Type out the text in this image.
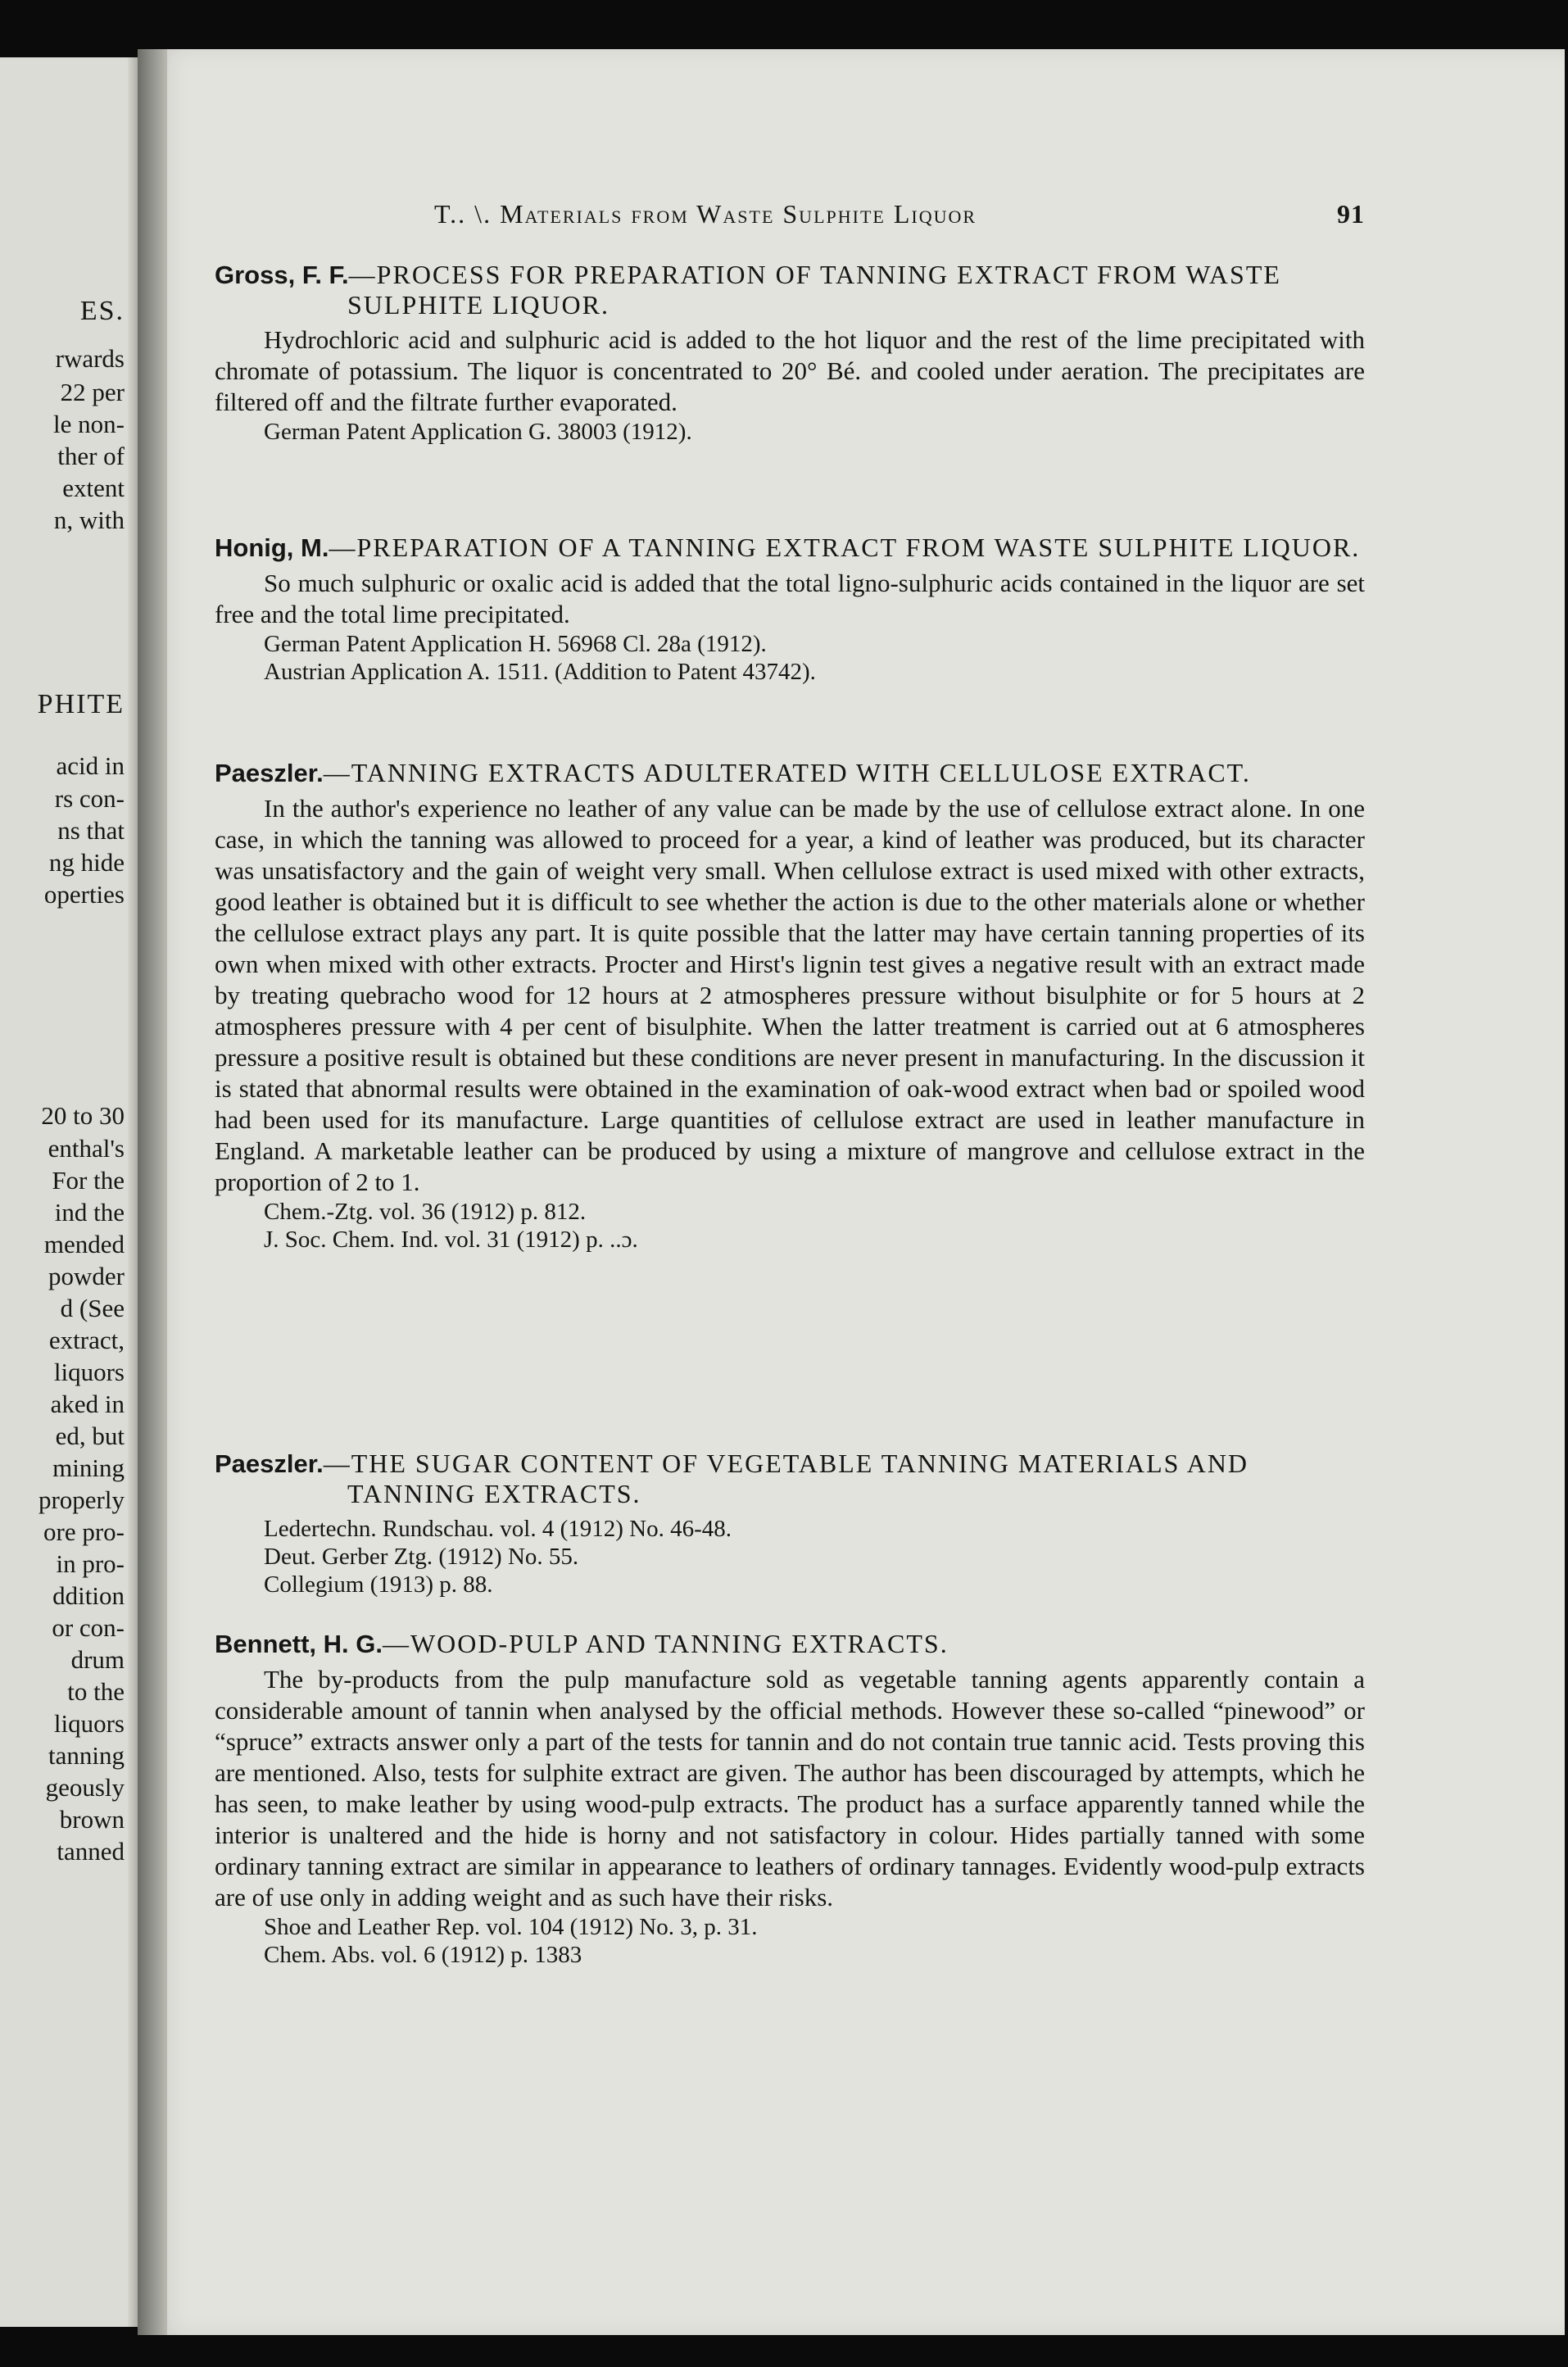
ES.
rwards
22 per
le non-
ther of
extent
n, with
PHITE
acid in
rs con-
ns that
ng hide
operties
20 to 30
enthal's
For the
ind the
mended
powder
d (See
extract,
liquors
aked in
ed, but
mining
properly
ore pro-
in pro-
ddition
or con-
drum
to the
liquors
tanning
geously
brown
tanned
T.. \. Materials from Waste Sulphite Liquor	91
Gross, F. F.—PROCESS FOR PREPARATION OF TANNING EXTRACT FROM WASTE SULPHITE LIQUOR.

Hydrochloric acid and sulphuric acid is added to the hot liquor and the rest of the lime precipitated with chromate of potassium. The liquor is concentrated to 20° Bé. and cooled under aeration. The precipitates are filtered off and the filtrate further evaporated.

German Patent Application G. 38003 (1912).
Honig, M.—PREPARATION OF A TANNING EXTRACT FROM WASTE SULPHITE LIQUOR.

So much sulphuric or oxalic acid is added that the total ligno-sulphuric acids contained in the liquor are set free and the total lime precipitated.

German Patent Application H. 56968 Cl. 28a (1912).
Austrian Application A. 1511. (Addition to Patent 43742).
Paeszler.—TANNING EXTRACTS ADULTERATED WITH CELLULOSE EXTRACT.

In the author's experience no leather of any value can be made by the use of cellulose extract alone. In one case, in which the tanning was allowed to proceed for a year, a kind of leather was produced, but its character was unsatisfactory and the gain of weight very small. When cellulose extract is used mixed with other extracts, good leather is obtained but it is difficult to see whether the action is due to the other materials alone or whether the cellulose extract plays any part. It is quite possible that the latter may have certain tanning properties of its own when mixed with other extracts. Procter and Hirst's lignin test gives a negative result with an extract made by treating quebracho wood for 12 hours at 2 atmospheres pressure without bisulphite or for 5 hours at 2 atmospheres pressure with 4 per cent of bisulphite. When the latter treatment is carried out at 6 atmospheres pressure a positive result is obtained but these conditions are never present in manufacturing. In the discussion it is stated that abnormal results were obtained in the examination of oak-wood extract when bad or spoiled wood had been used for its manufacture. Large quantities of cellulose extract are used in leather manufacture in England. A marketable leather can be produced by using a mixture of mangrove and cellulose extract in the proportion of 2 to 1.

Chem.-Ztg. vol. 36 (1912) p. 812.
J. Soc. Chem. Ind. vol. 31 (1912) p. ..ɔ.
Paeszler.—THE SUGAR CONTENT OF VEGETABLE TANNING MATERIALS AND TANNING EXTRACTS.
Ledertechn. Rundschau. vol. 4 (1912) No. 46-48.
Deut. Gerber Ztg. (1912) No. 55.
Collegium (1913) p. 88.
Bennett, H. G.—WOOD-PULP AND TANNING EXTRACTS.

The by-products from the pulp manufacture sold as vegetable tanning agents apparently contain a considerable amount of tannin when analysed by the official methods. However these so-called “pinewood” or “spruce” extracts answer only a part of the tests for tannin and do not contain true tannic acid. Tests proving this are mentioned. Also, tests for sulphite extract are given. The author has been discouraged by attempts, which he has seen, to make leather by using wood-pulp extracts. The product has a surface apparently tanned while the interior is unaltered and the hide is horny and not satisfactory in colour. Hides partially tanned with some ordinary tanning extract are similar in appearance to leathers of ordinary tannages. Evidently wood-pulp extracts are of use only in adding weight and as such have their risks.

Shoe and Leather Rep. vol. 104 (1912) No. 3, p. 31.
Chem. Abs. vol. 6 (1912) p. 1383
